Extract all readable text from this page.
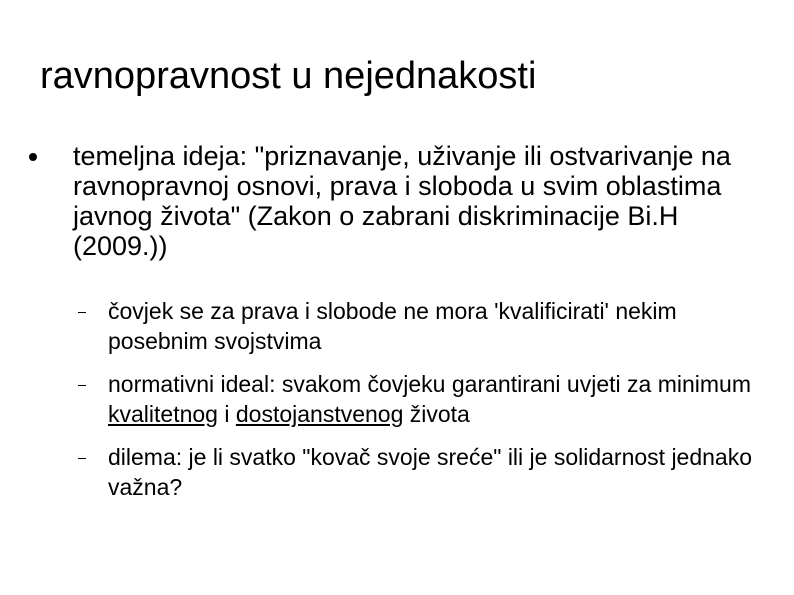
ravnopravnost u nejednakosti
temeljna ideja: "priznavanje, uživanje ili ostvarivanje na ravnopravnoj osnovi, prava i sloboda u svim oblastima javnog života" (Zakon o zabrani diskriminacije Bi.H (2009.))
čovjek se za prava i slobode ne mora 'kvalificirati' nekim posebnim svojstvima
normativni ideal: svakom čovjeku garantirani uvjeti za minimum kvalitetnog i dostojanstvenog života
dilema: je li svatko "kovač svoje sreće" ili je solidarnost jednako važna?
